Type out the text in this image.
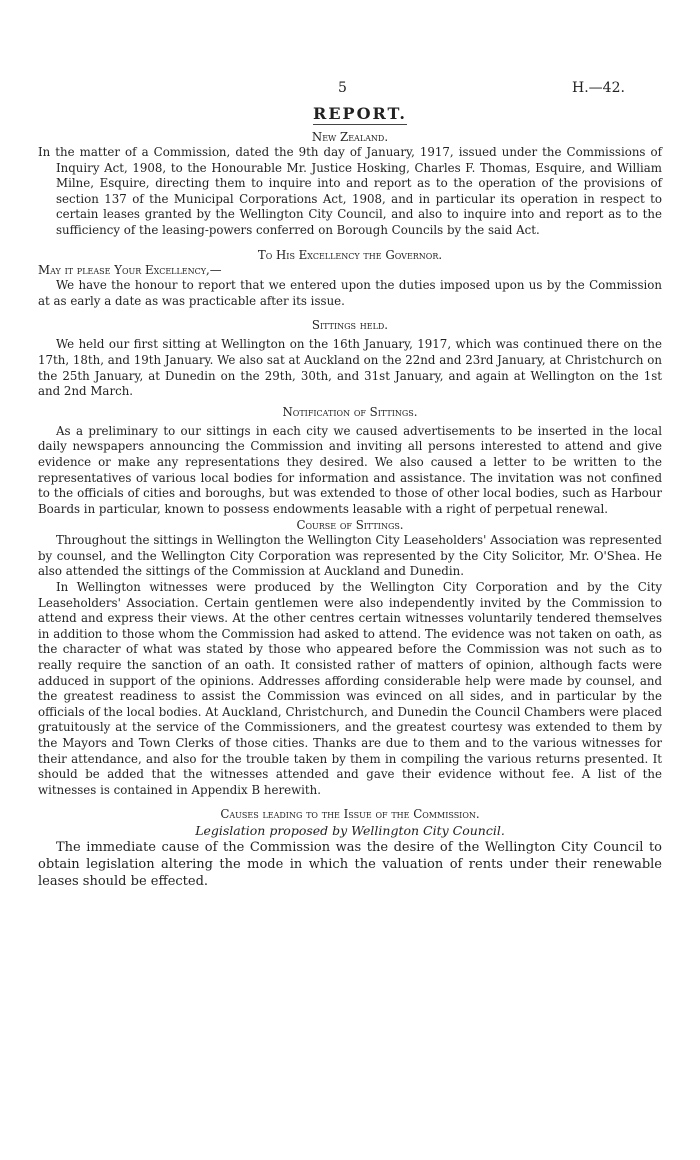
5	H.—42.
REPORT.
New Zealand.

In the matter of a Commission, dated the 9th day of January, 1917, issued under the Commissions of Inquiry Act, 1908, to the Honourable Mr. Justice Hosking, Charles F. Thomas, Esquire, and William Milne, Esquire, directing them to inquire into and report as to the operation of the provisions of section 137 of the Municipal Corporations Act, 1908, and in particular its operation in respect to certain leases granted by the Wellington City Council, and also to inquire into and report as to the sufficiency of the leasing-powers conferred on Borough Councils by the said Act.

To His Excellency the Governor.
May it please Your Excellency,—

We have the honour to report that we entered upon the duties imposed upon us by the Commission at as early a date as was practicable after its issue.

Sittings held.

We held our first sitting at Wellington on the 16th January, 1917, which was continued there on the 17th, 18th, and 19th January. We also sat at Auckland on the 22nd and 23rd January, at Christchurch on the 25th January, at Dunedin on the 29th, 30th, and 31st January, and again at Wellington on the 1st and 2nd March.

Notification of Sittings.

As a preliminary to our sittings in each city we caused advertisements to be inserted in the local daily newspapers announcing the Commission and inviting all persons interested to attend and give evidence or make any representations they desired. We also caused a letter to be written to the representatives of various local bodies for information and assistance. The invitation was not confined to the officials of cities and boroughs, but was extended to those of other local bodies, such as Harbour Boards in particular, known to possess endowments leasable with a right of perpetual renewal.

Course of Sittings.

Throughout the sittings in Wellington the Wellington City Leaseholders' Association was represented by counsel, and the Wellington City Corporation was represented by the City Solicitor, Mr. O'Shea. He also attended the sittings of the Commission at Auckland and Dunedin.

In Wellington witnesses were produced by the Wellington City Corporation and by the City Leaseholders' Association. Certain gentlemen were also independently invited by the Commission to attend and express their views. At the other centres certain witnesses voluntarily tendered themselves in addition to those whom the Commission had asked to attend. The evidence was not taken on oath, as the character of what was stated by those who appeared before the Commission was not such as to really require the sanction of an oath. It consisted rather of matters of opinion, although facts were adduced in support of the opinions. Addresses affording considerable help were made by counsel, and the greatest readiness to assist the Commission was evinced on all sides, and in particular by the officials of the local bodies. At Auckland, Christchurch, and Dunedin the Council Chambers were placed gratuitously at the service of the Commissioners, and the greatest courtesy was extended to them by the Mayors and Town Clerks of those cities. Thanks are due to them and to the various witnesses for their attendance, and also for the trouble taken by them in compiling the various returns presented. It should be added that the witnesses attended and gave their evidence without fee. A list of the witnesses is contained in Appendix B herewith.

Causes leading to the Issue of the Commission.
Legislation proposed by Wellington City Council.

The immediate cause of the Commission was the desire of the Wellington City Council to obtain legislation altering the mode in which the valuation of rents under their renewable leases should be effected.
